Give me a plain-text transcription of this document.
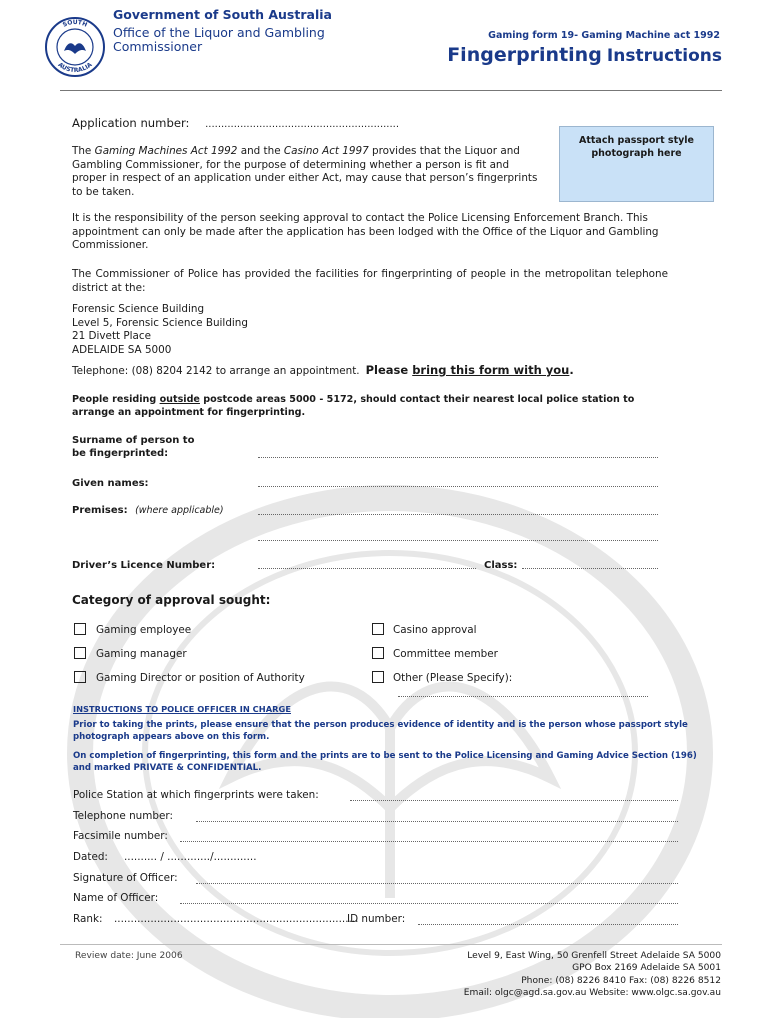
SOUTH
AUSTRALIA
Government of South Australia
Office of the Liquor and Gambling
Commissioner
Gaming form 19- Gaming Machine act 1992
Fingerprinting Instructions
Application number: .............................................................
Attach passport style
photograph here
The Gaming Machines Act 1992 and the Casino Act 1997 provides that the Liquor and Gambling Commissioner, for the purpose of determining whether a person is fit and proper in respect of an application under either Act, may cause that person’s fingerprints to be taken.
It is the responsibility of the person seeking approval to contact the Police Licensing Enforcement Branch. This appointment can only be made after the application has been lodged with the Office of the Liquor and Gambling Commissioner.
The Commissioner of Police has provided the facilities for fingerprinting of people in the metropolitan telephone district at the:
Forensic Science Building
Level 5, Forensic Science Building
21 Divett Place
ADELAIDE SA 5000
Telephone: (08) 8204 2142 to arrange an appointment. Please bring this form with you.
People residing outside postcode areas 5000 - 5172, should contact their nearest local police station to arrange an appointment for fingerprinting.
Surname of person to
be fingerprinted:
Given names:
Premises: (where applicable)
Driver’s Licence Number:	Class:
Category of approval sought:
Gaming employee
Gaming manager
Gaming Director or position of Authority
Casino approval
Committee member
Other (Please Specify):
INSTRUCTIONS TO POLICE OFFICER IN CHARGE
Prior to taking the prints, please ensure that the person produces evidence of identity and is the person whose passport style photograph appears above on this form.
On completion of fingerprinting, this form and the prints are to be sent to the Police Licensing and Gaming Advice Section (196) and marked PRIVATE & CONFIDENTIAL.
Police Station at which fingerprints were taken:
Telephone number:
Facsimile number:
Dated: .......... / ............./.............
Signature of Officer:
Name of Officer:
Rank: ..........................................................................
ID number:
Review date: June 2006	Level 9, East Wing, 50 Grenfell Street Adelaide SA 5000
GPO Box 2169 Adelaide SA 5001
Phone: (08) 8226 8410 Fax: (08) 8226 8512
Email: olgc@agd.sa.gov.au Website: www.olgc.sa.gov.au
